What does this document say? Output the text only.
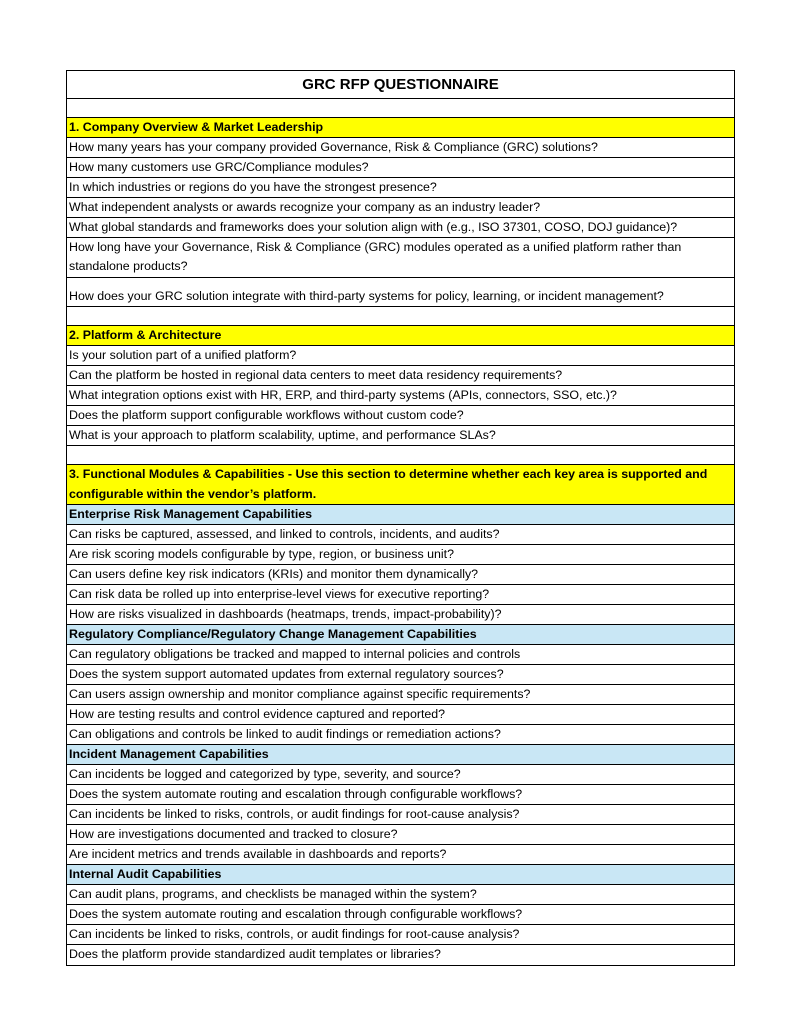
GRC RFP QUESTIONNAIRE
1. Company Overview & Market Leadership
How many years has your company provided Governance, Risk & Compliance (GRC) solutions?
How many customers use GRC/Compliance modules?
In which industries or regions do you have the strongest presence?
What independent analysts or awards recognize your company as an industry leader?
What global standards and frameworks does your solution align with (e.g., ISO 37301, COSO, DOJ guidance)?
How long have your Governance, Risk & Compliance (GRC) modules operated as a unified platform rather than standalone products?
How does your GRC solution integrate with third-party systems for policy, learning, or incident management?
2. Platform & Architecture
Is your solution part of a unified platform?
Can the platform be hosted in regional data centers to meet data residency requirements?
What integration options exist with HR, ERP, and third-party systems (APIs, connectors, SSO, etc.)?
Does the platform support configurable workflows without custom code?
What is your approach to platform scalability, uptime, and performance SLAs?
3. Functional Modules & Capabilities - Use this section to determine whether each key area is supported and configurable within the vendor’s platform.
Enterprise Risk Management Capabilities
Can risks be captured, assessed, and linked to controls, incidents, and audits?
Are risk scoring models configurable by type, region, or business unit?
Can users define key risk indicators (KRIs) and monitor them dynamically?
Can risk data be rolled up into enterprise-level views for executive reporting?
How are risks visualized in dashboards (heatmaps, trends, impact-probability)?
Regulatory Compliance/Regulatory Change Management Capabilities
Can regulatory obligations be tracked and mapped to internal policies and controls
Does the system support automated updates from external regulatory sources?
Can users assign ownership and monitor compliance against specific requirements?
How are testing results and control evidence captured and reported?
Can obligations and controls be linked to audit findings or remediation actions?
Incident Management Capabilities
Can incidents be logged and categorized by type, severity, and source?
Does the system automate routing and escalation through configurable workflows?
Can incidents be linked to risks, controls, or audit findings for root-cause analysis?
How are investigations documented and tracked to closure?
Are incident metrics and trends available in dashboards and reports?
Internal Audit Capabilities
Can audit plans, programs, and checklists be managed within the system?
Does the system automate routing and escalation through configurable workflows?
Can incidents be linked to risks, controls, or audit findings for root-cause analysis?
Does the platform provide standardized audit templates or libraries?
